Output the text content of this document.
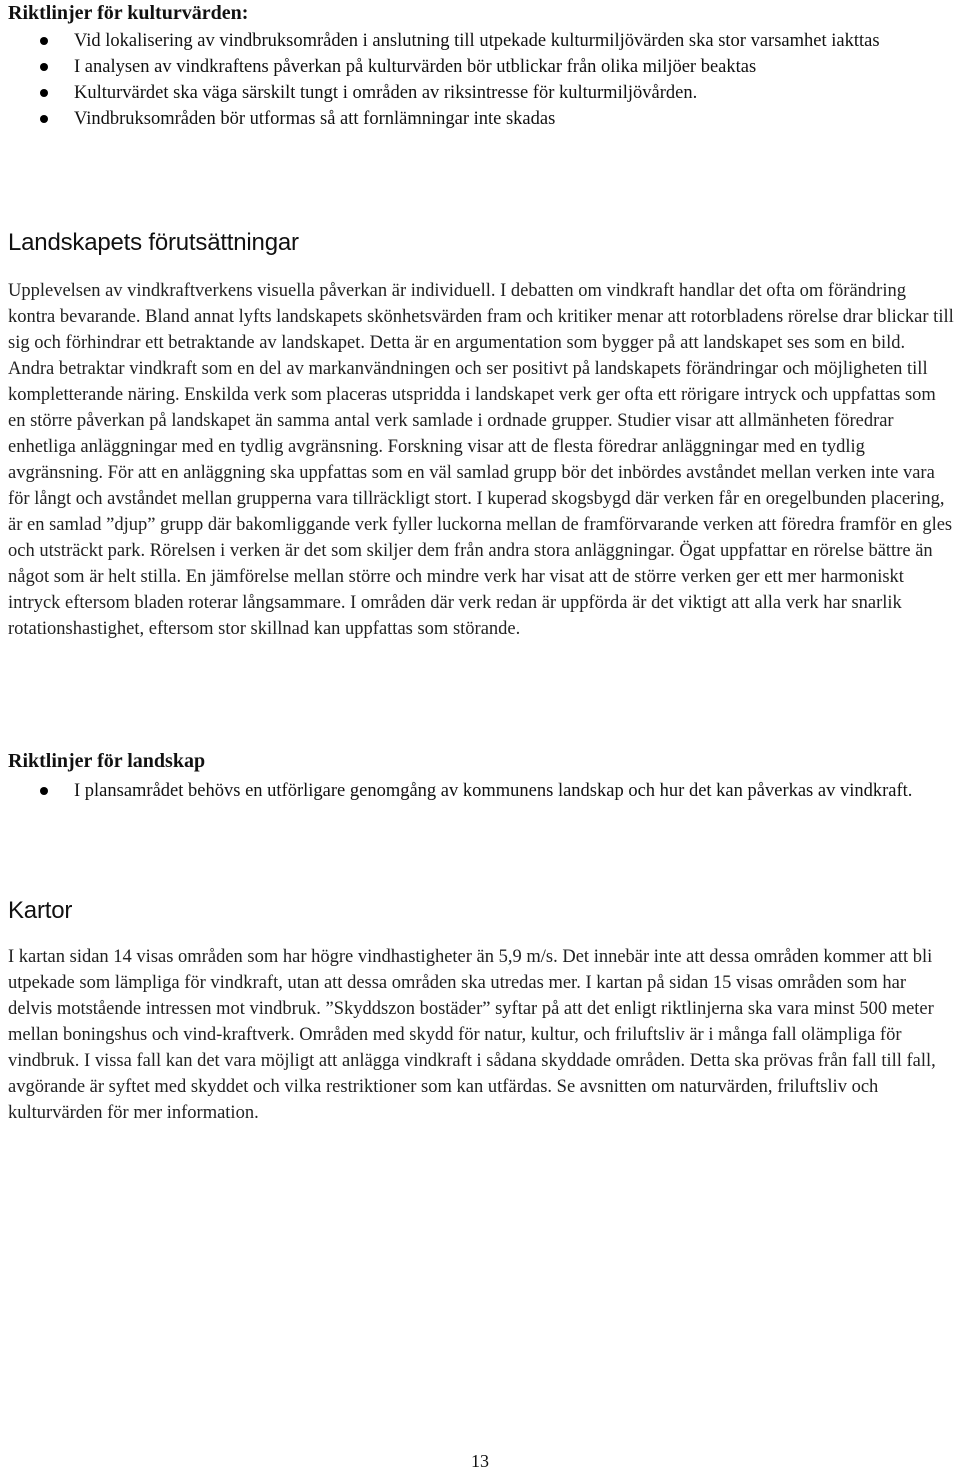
Riktlinjer för kulturvärden:
Vid lokalisering av vindbruksområden i anslutning till utpekade kulturmiljövärden ska stor varsamhet iakttas
I analysen av vindkraftens påverkan på kulturvärden bör utblickar från olika miljöer beaktas
Kulturvärdet ska väga särskilt tungt i områden av riksintresse för kulturmiljövården.
Vindbruksområden bör utformas så att fornlämningar inte skadas
Landskapets förutsättningar

Upplevelsen av vindkraftverkens visuella påverkan är individuell. I debatten om vindkraft handlar det ofta om förändring kontra bevarande. Bland annat lyfts landskapets skönhetsvärden fram och kritiker menar att rotorbladens rörelse drar blickar till sig och förhindrar ett betraktande av landskapet. Detta är en argumentation som bygger på att landskapet ses som en bild. Andra betraktar vindkraft som en del av markanvändningen och ser positivt på landskapets förändringar och möjligheten till kompletterande näring. Enskilda verk som placeras utspridda i landskapet verk ger ofta ett rörigare intryck och uppfattas som en större påverkan på landskapet än samma antal verk samlade i ordnade grupper. Studier visar att allmänheten föredrar enhetliga anläggningar med en tydlig avgränsning. Forskning visar att de flesta föredrar anläggningar med en tydlig avgränsning. För att en anläggning ska uppfattas som en väl samlad grupp bör det inbördes avståndet mellan verken inte vara för långt och avståndet mellan grupperna vara tillräckligt stort. I kuperad skogsbygd där verken får en oregelbunden placering, är en samlad ”djup” grupp där bakomliggande verk fyller luckorna mellan de framförvarande verken att föredra framför en gles och utsträckt park. Rörelsen i verken är det som skiljer dem från andra stora anläggningar. Ögat uppfattar en rörelse bättre än något som är helt stilla. En jämförelse mellan större och mindre verk har visat att de större verken ger ett mer harmoniskt intryck eftersom bladen roterar långsammare. I områden där verk redan är uppförda är det viktigt att alla verk har snarlik rotationshastighet, eftersom stor skillnad kan uppfattas som störande.

Riktlinjer för landskap
I plansamrådet behövs en utförligare genomgång av kommunens landskap och hur det kan påverkas av vindkraft.
Kartor

I kartan sidan 14 visas områden som har högre vindhastigheter än 5,9 m/s. Det innebär inte att dessa områden kommer att bli utpekade som lämpliga för vindkraft, utan att dessa områden ska utredas mer. I kartan på sidan 15 visas områden som har delvis motstående intressen mot vindbruk. ”Skyddszon bostäder” syftar på att det enligt riktlinjerna ska vara minst 500 meter mellan boningshus och vind-kraftverk. Områden med skydd för natur, kultur, och friluftsliv är i många fall olämpliga för vindbruk. I vissa fall kan det vara möjligt att anlägga vindkraft i sådana skyddade områden. Detta ska prövas från fall till fall, avgörande är syftet med skyddet och vilka restriktioner som kan utfärdas. Se avsnitten om naturvärden, friluftsliv och kulturvärden för mer information.

13
